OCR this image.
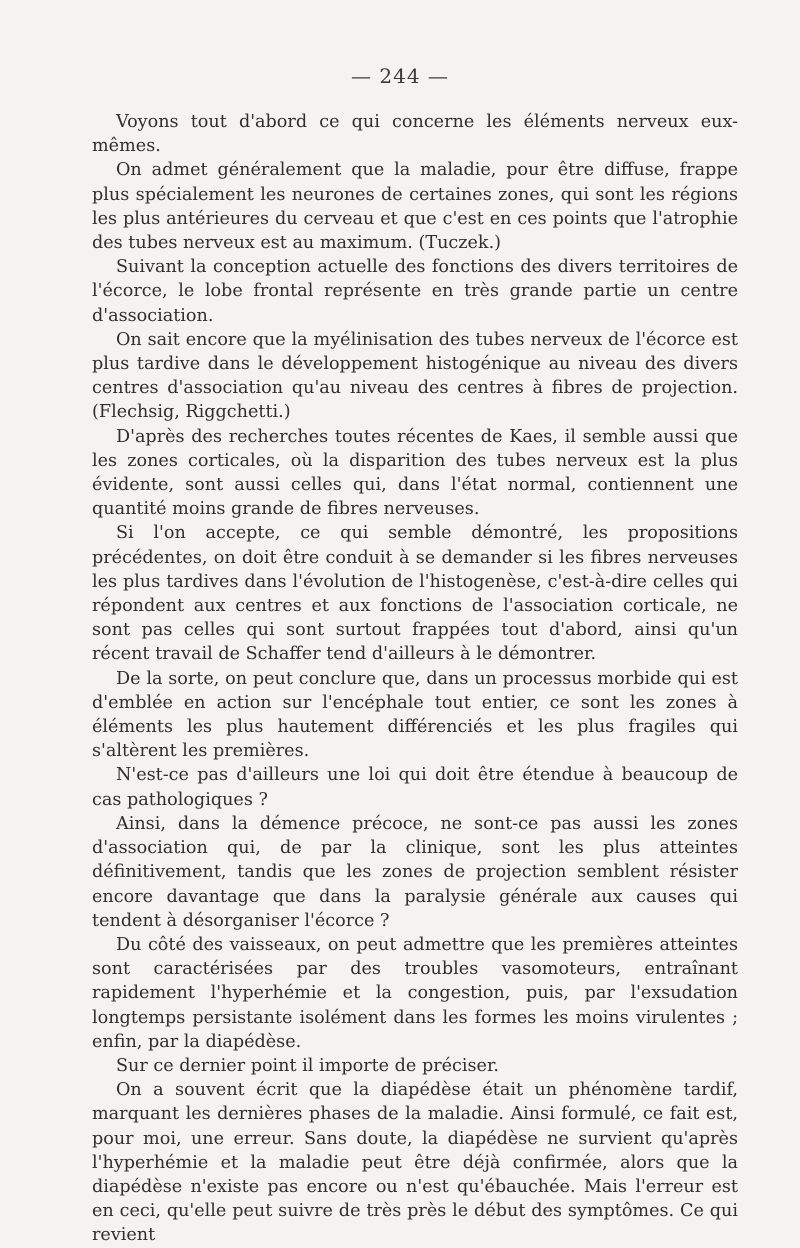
— 244 —

Voyons tout d'abord ce qui concerne les éléments nerveux eux-mêmes.

On admet généralement que la maladie, pour être diffuse, frappe plus spécialement les neurones de certaines zones, qui sont les régions les plus antérieures du cerveau et que c'est en ces points que l'atrophie des tubes nerveux est au maximum. (Tuczek.)

Suivant la conception actuelle des fonctions des divers territoires de l'écorce, le lobe frontal représente en très grande partie un centre d'association.

On sait encore que la myélinisation des tubes nerveux de l'écorce est plus tardive dans le développement histogénique au niveau des divers centres d'association qu'au niveau des centres à fibres de projection. (Flechsig, Riggchetti.)

D'après des recherches toutes récentes de Kaes, il semble aussi que les zones corticales, où la disparition des tubes nerveux est la plus évidente, sont aussi celles qui, dans l'état normal, contiennent une quantité moins grande de fibres nerveuses.

Si l'on accepte, ce qui semble démontré, les propositions précédentes, on doit être conduit à se demander si les fibres nerveuses les plus tardives dans l'évolution de l'histogenèse, c'est-à-dire celles qui répondent aux centres et aux fonctions de l'association corticale, ne sont pas celles qui sont surtout frappées tout d'abord, ainsi qu'un récent travail de Schaffer tend d'ailleurs à le démontrer.

De la sorte, on peut conclure que, dans un processus morbide qui est d'emblée en action sur l'encéphale tout entier, ce sont les zones à éléments les plus hautement différenciés et les plus fragiles qui s'altèrent les premières.

N'est-ce pas d'ailleurs une loi qui doit être étendue à beaucoup de cas pathologiques ?

Ainsi, dans la démence précoce, ne sont-ce pas aussi les zones d'association qui, de par la clinique, sont les plus atteintes définitivement, tandis que les zones de projection semblent résister encore davantage que dans la paralysie générale aux causes qui tendent à désorganiser l'écorce ?

Du côté des vaisseaux, on peut admettre que les premières atteintes sont caractérisées par des troubles vasomoteurs, entraînant rapidement l'hyperhémie et la congestion, puis, par l'exsudation longtemps persistante isolément dans les formes les moins virulentes ; enfin, par la diapédèse.

Sur ce dernier point il importe de préciser.

On a souvent écrit que la diapédèse était un phénomène tardif, marquant les dernières phases de la maladie. Ainsi formulé, ce fait est, pour moi, une erreur. Sans doute, la diapédèse ne survient qu'après l'hyperhémie et la maladie peut être déjà confirmée, alors que la diapédèse n'existe pas encore ou n'est qu'ébauchée. Mais l'erreur est en ceci, qu'elle peut suivre de très près le début des symptômes. Ce qui revient
